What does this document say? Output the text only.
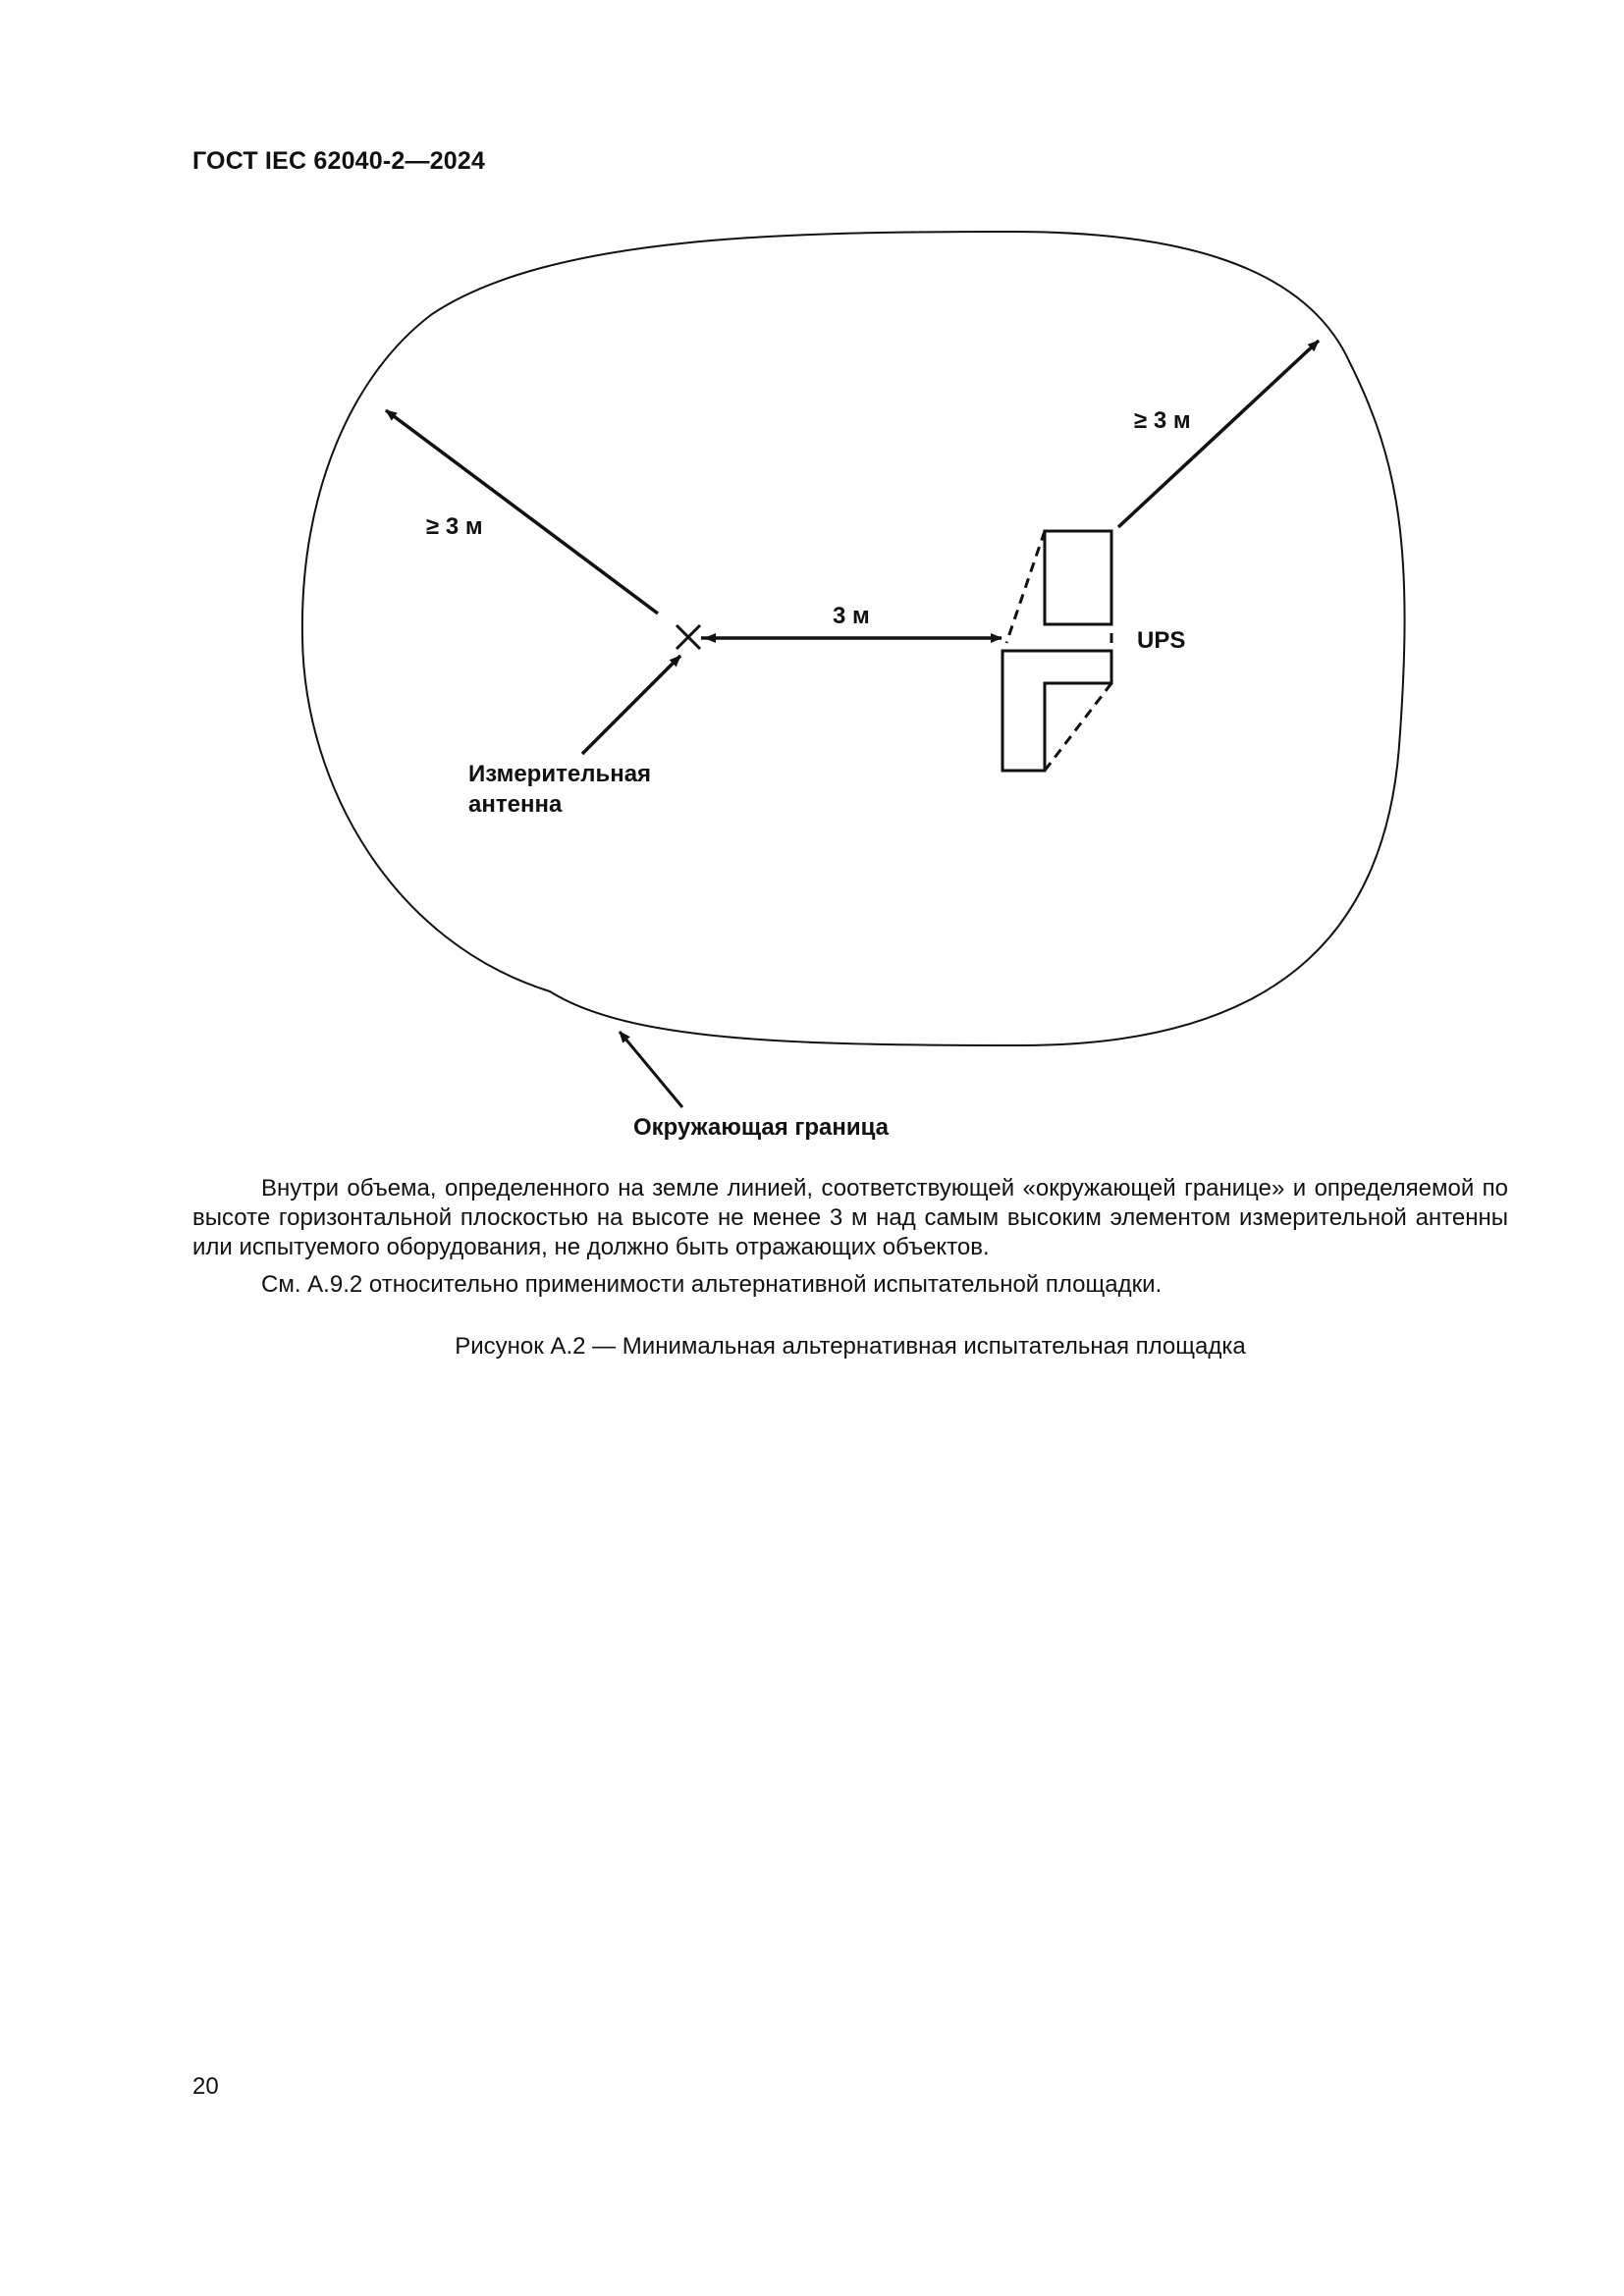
ГОСТ IEC 62040-2—2024
≥ 3 м
≥ 3 м
3 м
UPS
Измерительная
антенна
Окружающая граница

Внутри объема, определенного на земле линией, соответствующей «окружающей границе» и определяемой по высоте горизонтальной плоскостью на высоте не менее 3 м над самым высоким элементом измерительной антенны или испытуемого оборудования, не должно быть отражающих объектов.

См. А.9.2 относительно применимости альтернативной испытательной площадки.

Рисунок А.2 — Минимальная альтернативная испытательная площадка
20
